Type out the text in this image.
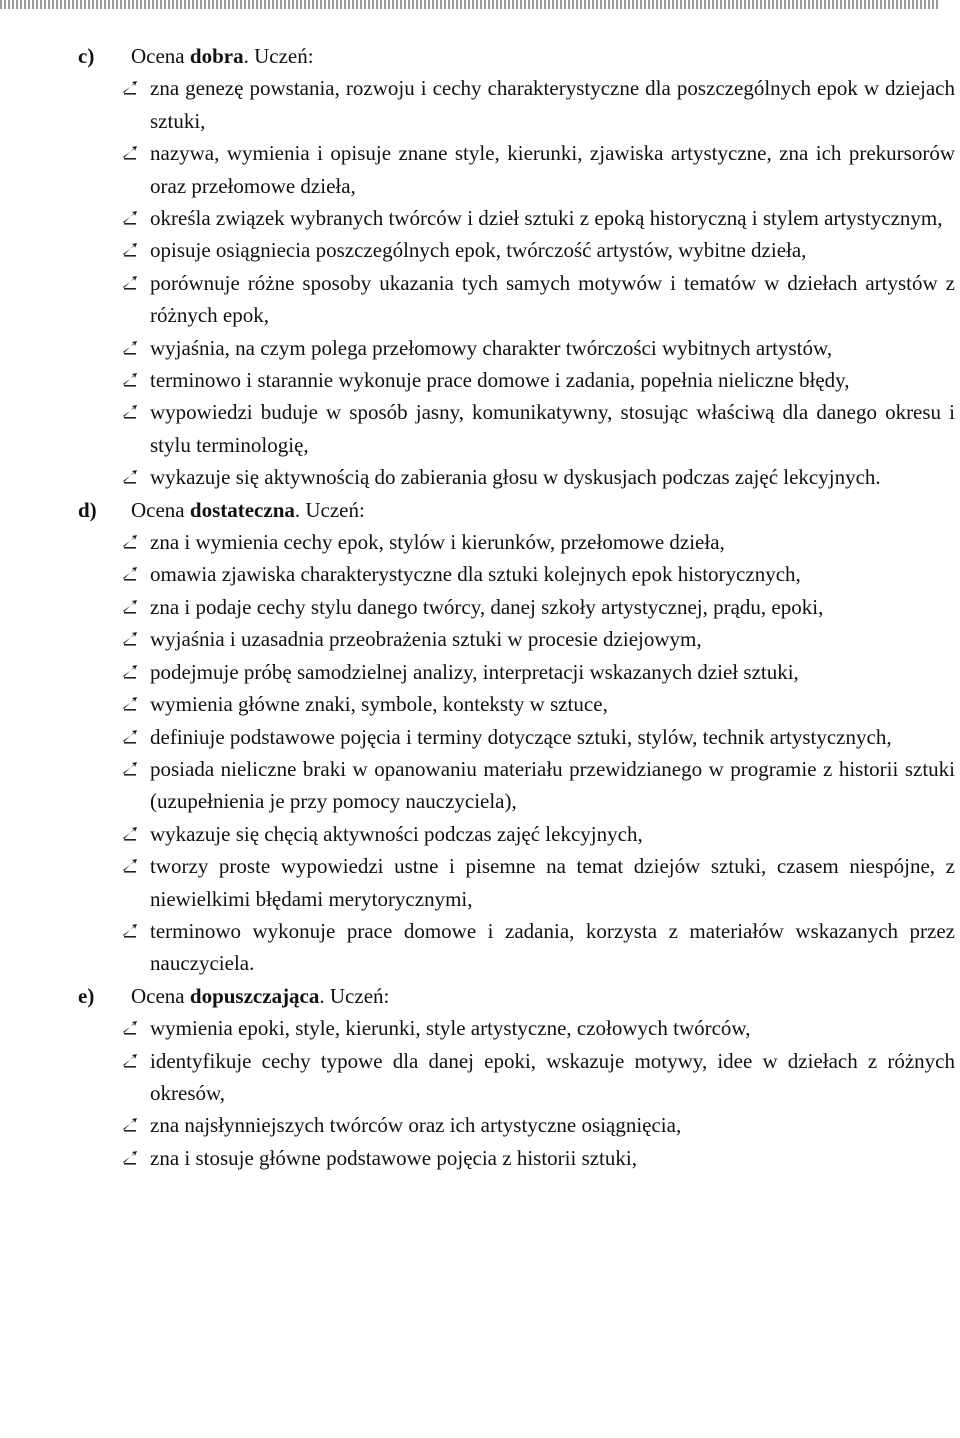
c) Ocena dobra. Uczeń:
zna genezę powstania, rozwoju i cechy charakterystyczne dla poszczególnych epok w dziejach sztuki,
nazywa, wymienia i opisuje znane style, kierunki, zjawiska artystyczne, zna ich prekursorów oraz przełomowe dzieła,
określa związek wybranych twórców i dzieł sztuki z epoką historyczną i stylem artystycznym,
opisuje osiągniecia poszczególnych epok, twórczość artystów, wybitne dzieła,
porównuje różne sposoby ukazania tych samych motywów i tematów w dziełach artystów z różnych epok,
wyjaśnia, na czym polega przełomowy charakter twórczości wybitnych artystów,
terminowo i starannie wykonuje prace domowe i zadania, popełnia nieliczne błędy,
wypowiedzi buduje w sposób jasny, komunikatywny, stosując właściwą dla danego okresu i stylu terminologię,
wykazuje się aktywnością do zabierania głosu w dyskusjach podczas zajęć lekcyjnych.
d) Ocena dostateczna. Uczeń:
zna i wymienia cechy epok, stylów i kierunków, przełomowe dzieła,
omawia zjawiska charakterystyczne dla sztuki kolejnych epok historycznych,
zna i podaje cechy stylu danego twórcy, danej szkoły artystycznej, prądu, epoki,
wyjaśnia i uzasadnia przeobrażenia sztuki w procesie dziejowym,
podejmuje próbę samodzielnej analizy, interpretacji wskazanych dzieł sztuki,
wymienia główne znaki, symbole, konteksty w sztuce,
definiuje podstawowe pojęcia i terminy dotyczące sztuki, stylów, technik artystycznych,
posiada nieliczne braki w opanowaniu materiału przewidzianego w programie z historii sztuki (uzupełnienia je przy pomocy nauczyciela),
wykazuje się chęcią aktywności podczas zajęć lekcyjnych,
tworzy proste wypowiedzi ustne i pisemne na temat dziejów sztuki, czasem niespójne, z niewielkimi błędami merytorycznymi,
terminowo wykonuje prace domowe i zadania, korzysta z materiałów wskazanych przez nauczyciela.
e) Ocena dopuszczająca. Uczeń:
wymienia epoki, style, kierunki, style artystyczne, czołowych twórców,
identyfikuje cechy typowe dla danej epoki, wskazuje motywy, idee w dziełach z różnych okresów,
zna najsłynniejszych twórców oraz ich artystyczne osiągnięcia,
zna i stosuje główne podstawowe pojęcia z historii sztuki,
